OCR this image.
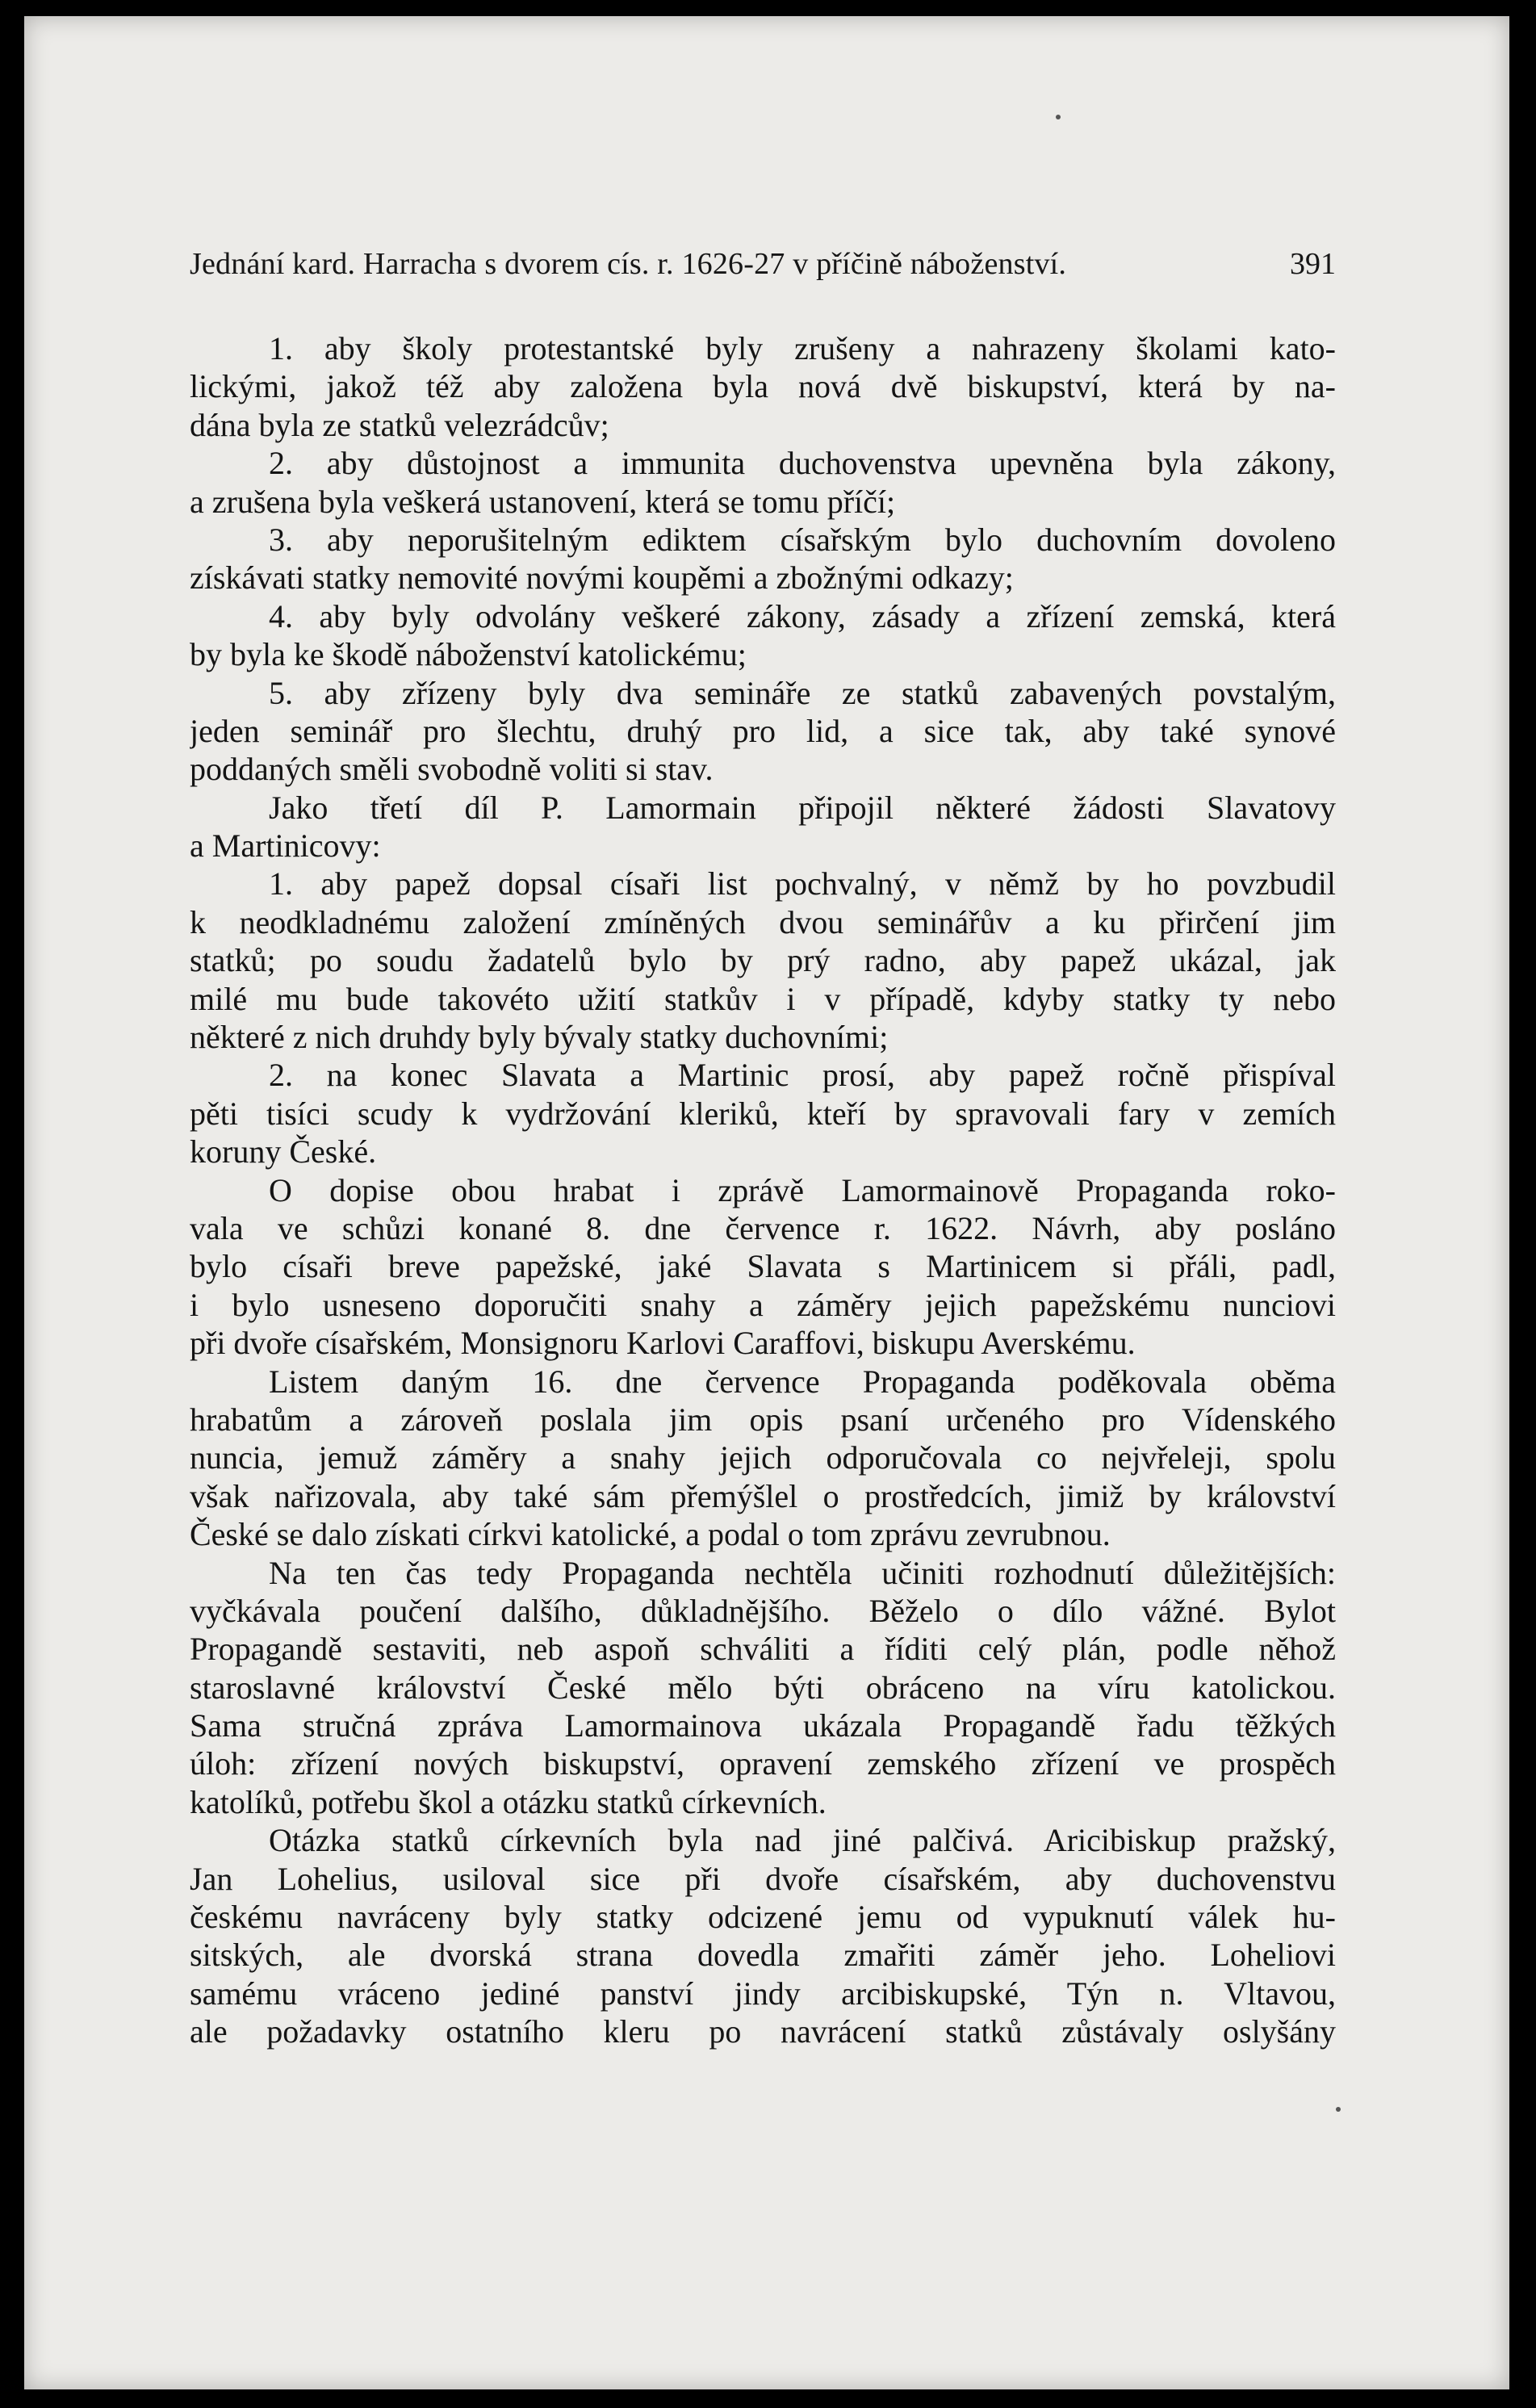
Jednání kard. Harracha s dvorem cís. r. 1626-27 v příčině náboženství.	391
1. aby školy protestantské byly zrušeny a nahrazeny školami kato-
lickými, jakož též aby založena byla nová dvě biskupství, která by na-
dána byla ze statků velezrádcův;
2. aby důstojnost a immunita duchovenstva upevněna byla zákony,
a zrušena byla veškerá ustanovení, která se tomu příčí;
3. aby neporušitelným ediktem císařským bylo duchovním dovoleno
získávati statky nemovité novými koupěmi a zbožnými odkazy;
4. aby byly odvolány veškeré zákony, zásady a zřízení zemská, která
by byla ke škodě náboženství katolickému;
5. aby zřízeny byly dva semináře ze statků zabavených povstalým,
jeden seminář pro šlechtu, druhý pro lid, a sice tak, aby také synové
poddaných směli svobodně voliti si stav.
Jako třetí díl P. Lamormain připojil některé žádosti Slavatovy
a Martinicovy:
1. aby papež dopsal císaři list pochvalný, v němž by ho povzbudil
k neodkladnému založení zmíněných dvou seminářův a ku přirčení jim
statků; po soudu žadatelů bylo by prý radno, aby papež ukázal, jak
milé mu bude takovéto užití statkův i v případě, kdyby statky ty nebo
některé z nich druhdy byly bývaly statky duchovními;
2. na konec Slavata a Martinic prosí, aby papež ročně přispíval
pěti tisíci scudy k vydržování kleriků, kteří by spravovali fary v zemích
koruny České.
O dopise obou hrabat i zprávě Lamormainově Propaganda roko-
vala ve schůzi konané 8. dne července r. 1622. Návrh, aby posláno
bylo císaři breve papežské, jaké Slavata s Martinicem si přáli, padl,
i bylo usneseno doporučiti snahy a záměry jejich papežskému nunciovi
při dvoře císařském, Monsignoru Karlovi Caraffovi, biskupu Averskému.
Listem daným 16. dne července Propaganda poděkovala oběma
hrabatům a zároveň poslala jim opis psaní určeného pro Vídenského
nuncia, jemuž záměry a snahy jejich odporučovala co nejvřeleji, spolu
však nařizovala, aby také sám přemýšlel o prostředcích, jimiž by království
České se dalo získati církvi katolické, a podal o tom zprávu zevrubnou.
Na ten čas tedy Propaganda nechtěla učiniti rozhodnutí důležitějších:
vyčkávala poučení dalšího, důkladnějšího. Běželo o dílo vážné. Bylot
Propagandě sestaviti, neb aspoň schváliti a říditi celý plán, podle něhož
staroslavné království České mělo býti obráceno na víru katolickou.
Sama stručná zpráva Lamormainova ukázala Propagandě řadu těžkých
úloh: zřízení nových biskupství, opravení zemského zřízení ve prospěch
katolíků, potřebu škol a otázku statků církevních.
Otázka statků církevních byla nad jiné palčivá. Aricibiskup pražský,
Jan Lohelius, usiloval sice při dvoře císařském, aby duchovenstvu
českému navráceny byly statky odcizené jemu od vypuknutí válek hu-
sitských, ale dvorská strana dovedla zmařiti záměr jeho. Loheliovi
samému vráceno jediné panství jindy arcibiskupské, Týn n. Vltavou,
ale požadavky ostatního kleru po navrácení statků zůstávaly oslyšány
